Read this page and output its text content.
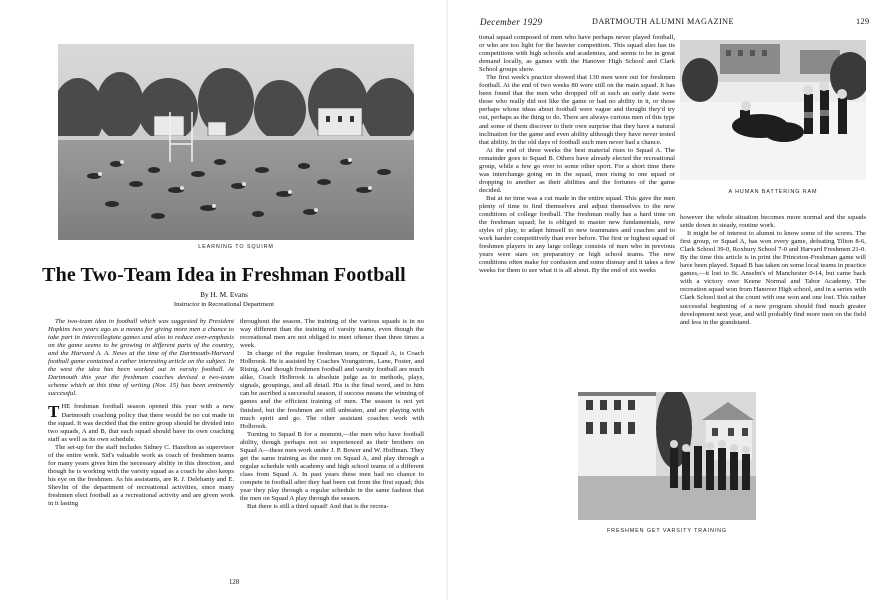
LEARNING TO SQUIRM
The Two-Team Idea in Freshman Football
By H. M. Evans
Instructor in Recreational Department

The two-team idea in football which was suggested by President Hopkins two years ago as a means for giving more men a chance to take part in intercollegiate games and also to reduce over-emphasis on the game seems to be growing in different parts of the country, and the Harvard A. A. News at the time of the Dartmouth-Harvard football game contained a rather interesting article on the subject. In the west the idea has been worked out in varsity football. At Dartmouth this year the freshman coaches devised a two-team scheme which at this time of writing (Nov. 15) has been eminently successful.

THE freshman football season opened this year with a new Dartmouth coaching policy that there would be no cut made in the squad. It was decided that the entire group should be divided into two squads, A and B, that each squad should have its own coaching staff as well as its own schedule.

The set-up for the staff includes Sidney C. Hazelton as supervisor of the entire work. Sid's valuable work as coach of freshmen teams for many years gives him the necessary ability in this direction, and though he is working with the varsity squad as a coach he also keeps his eye on the freshmen. As his assistants, are R. J. Delehanty and E. Shevlin of the department of recreational activities, since many freshmen elect football as a recreational activity and are given work in it lasting

throughout the season. The training of the various squads is in no way different than the training of varsity teams, even though the recreational men are not obliged to meet oftener than three times a week.

In charge of the regular freshman team, or Squad A, is Coach Holbrook. He is assisted by Coaches Youngstrom, Lane, Foster, and Rising. And though freshmen football and varsity football are much alike, Coach Holbrook is absolute judge as to methods, plays, signals, groupings, and all detail. His is the final word, and to him can be ascribed a successful season, if success means the winning of games and the efficient training of men. The season is not yet finished, but the freshmen are still unbeaten, and are playing with much spirit and go. The other assistant coaches work with Holbrook.

Turning to Squad B for a moment,—the men who have football ability, though perhaps not so experienced as their brothers on Squad A—these men work under J. P. Bower and W. Hoffman. They get the same training as the men on Squad A, and play through a regular schedule with academy and high school teams of a different class from Squad A. In past years these men had no chance to compete in football after they had been cut from the first squad; this year they play through a regular schedule in the same fashion that the men on Squad A play through the season.

But there is still a third squad! And that is the recrea-

128
December 1929	DARTMOUTH ALUMNI MAGAZINE	129

tional squad composed of men who have perhaps never played football, or who are too light for the heavier competition. This squad also has its competitions with high schools and academies, and seems to be in great demand locally, as games with the Hanover High School and Clark School groups show.

The first week's practice showed that 130 men were out for freshmen football. At the end of two weeks 80 were still on the main squad. It has been found that the men who dropped off at such an early date were those who really did not like the game or had no ability in it, or those perhaps whose ideas about football were vague and thought they'd try out, perhaps as the thing to do. There are always curious men of this type and some of them discover to their own surprise that they have a natural inclination for the game and even ability although they have never tested that ability. In the old days of football such men never had a chance.

At the end of three weeks the best material rises to Squad A. The remainder goes to Squad B. Others have already elected the recreational group, while a few go over to some other sport. For a short time there was interchange going on in the squad, men rising to one squad or dropping to another as their abilities and the fortunes of the game decided.

But at no time was a cut made in the entire squad. This gave the men plenty of time to find themselves and adjust themselves to the new conditions of college football. The freshman really has a hard time on the freshman squad; he is obliged to master new fundamentals, new styles of play, to adapt himself to new teammates and coaches and to work harder competitively than ever before. The first or highest squad of freshmen players in any large college consists of men who in previous years were stars on preparatory or high school teams. The new conditions often make for confusion and some dismay and it takes a few weeks for them to see what it is all about. By the end of six weeks

A HUMAN BATTERING RAM

however the whole situation becomes more normal and the squads settle down to steady, routine work.

It might be of interest to alumni to know some of the scores. The first group, or Squad A, has won every game, defeating Tilton 8-6, Clark School 39-0, Roxbury School 7-0 and Harvard Freshmen 21-0. By the time this article is in print the Princeton-Freshman game will have been played. Squad B has taken on some local teams in practice games,—it lost to St. Anselm's of Manchester 0-14, but came back with a victory over Keene Normal and Tabor Academy. The recreation squad won from Hanover High school, and in a series with Clark School tied at the count with one won and one lost. This rather successful beginning of a new program should find much greater development next year, and will probably find more men on the field and less in the grandstand.

FRESHMEN GET VARSITY TRAINING
